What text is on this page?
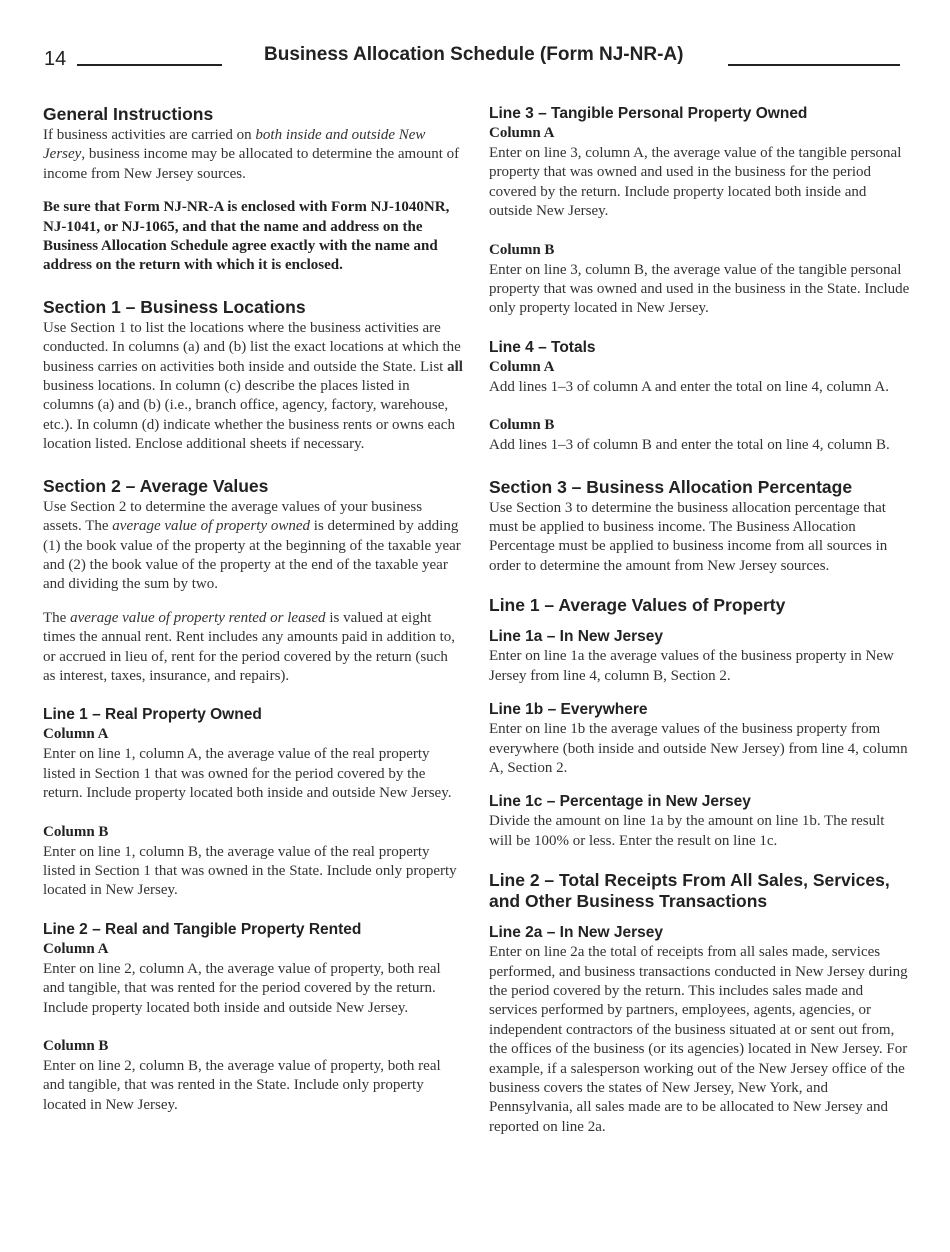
14	Business Allocation Schedule (Form NJ-NR-A)
General Instructions

If business activities are carried on both inside and outside New Jersey, business income may be allocated to determine the amount of income from New Jersey sources.

Be sure that Form NJ-NR-A is enclosed with Form NJ-1040NR, NJ-1041, or NJ-1065, and that the name and address on the Business Allocation Schedule agree exactly with the name and address on the return with which it is enclosed.

Section 1 – Business Locations

Use Section 1 to list the locations where the business activities are conducted. In columns (a) and (b) list the exact locations at which the business carries on activities both inside and outside the State. List all business locations. In column (c) describe the places listed in columns (a) and (b) (i.e., branch office, agency, factory, warehouse, etc.). In column (d) indicate whether the business rents or owns each location listed. Enclose additional sheets if necessary.

Section 2 – Average Values

Use Section 2 to determine the average values of your business assets. The average value of property owned is determined by adding (1) the book value of the property at the beginning of the taxable year and (2) the book value of the property at the end of the taxable year and dividing the sum by two.

The average value of property rented or leased is valued at eight times the annual rent. Rent includes any amounts paid in addition to, or accrued in lieu of, rent for the period covered by the return (such as interest, taxes, insurance, and repairs).

Line 1 – Real Property Owned
Column A

Enter on line 1, column A, the average value of the real property listed in Section 1 that was owned for the period covered by the return. Include property located both inside and outside New Jersey.

Column B

Enter on line 1, column B, the average value of the real property listed in Section 1 that was owned in the State. Include only property located in New Jersey.

Line 2 – Real and Tangible Property Rented
Column A

Enter on line 2, column A, the average value of property, both real and tangible, that was rented for the period covered by the return. Include property located both inside and outside New Jersey.

Column B

Enter on line 2, column B, the average value of property, both real and tangible, that was rented in the State. Include only property located in New Jersey.

Line 3 – Tangible Personal Property Owned
Column A

Enter on line 3, column A, the average value of the tangible personal property that was owned and used in the business for the period covered by the return. Include property located both inside and outside New Jersey.

Column B

Enter on line 3, column B, the average value of the tangible personal property that was owned and used in the business in the State. Include only property located in New Jersey.

Line 4 – Totals
Column A

Add lines 1–3 of column A and enter the total on line 4, column A.

Column B

Add lines 1–3 of column B and enter the total on line 4, column B.

Section 3 – Business Allocation Percentage

Use Section 3 to determine the business allocation percentage that must be applied to business income. The Business Allocation Percentage must be applied to business income from all sources in order to determine the amount from New Jersey sources.

Line 1 – Average Values of Property
Line 1a – In New Jersey

Enter on line 1a the average values of the business property in New Jersey from line 4, column B, Section 2.

Line 1b – Everywhere

Enter on line 1b the average values of the business property from everywhere (both inside and outside New Jersey) from line 4, column A, Section 2.

Line 1c – Percentage in New Jersey

Divide the amount on line 1a by the amount on line 1b. The result will be 100% or less. Enter the result on line 1c.

Line 2 – Total Receipts From All Sales, Services, and Other Business Transactions
Line 2a – In New Jersey

Enter on line 2a the total of receipts from all sales made, services performed, and business transactions conducted in New Jersey during the period covered by the return. This includes sales made and services performed by partners, employees, agents, agencies, or independent contractors of the business situated at or sent out from, the offices of the business (or its agencies) located in New Jersey. For example, if a salesperson working out of the New Jersey office of the business covers the states of New Jersey, New York, and Pennsylvania, all sales made are to be allocated to New Jersey and reported on line 2a.
